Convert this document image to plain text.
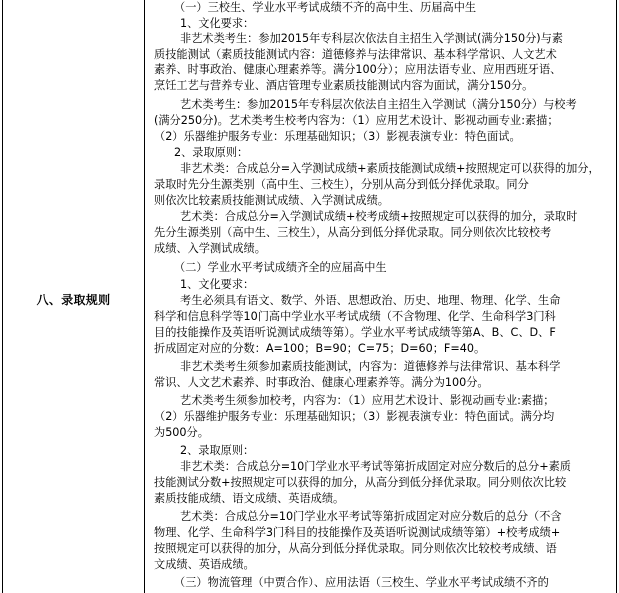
八、录取规则
（一）三校生、学业水平考试成绩不齐的高中生、历届高中生
1、文化要求：
非艺术类考生：参加2015年专科层次依法自主招生入学测试(满分150分)与素
质技能测试（素质技能测试内容：道德修养与法律常识、基本科学常识、人文艺术
素养、时事政治、健康心理素养等。满分100分）；应用法语专业、应用西班牙语、
烹饪工艺与营养专业、酒店管理专业素质技能测试内容为面试，满分150分。
艺术类考生：参加2015年专科层次依法自主招生入学测试（满分150分）与校考
(满分250分)。艺术类考生校考内容为：（1）应用艺术设计、影视动画专业:素描；
（2）乐器维护服务专业：乐理基础知识；（3）影视表演专业：特色面试。
2、录取原则：
非艺术类：合成总分=入学测试成绩+素质技能测试成绩+按照规定可以获得的加分，
录取时先分生源类别（高中生、三校生），分别从高分到低分择优录取。同分
则依次比较素质技能测试成绩、入学测试成绩。
艺术类：合成总分=入学测试成绩+校考成绩+按照规定可以获得的加分，录取时
先分生源类别（高中生、三校生），从高分到低分择优录取。同分则依次比较校考
成绩、入学测试成绩。
（二）学业水平考试成绩齐全的应届高中生
1、文化要求：
考生必须具有语文、数学、外语、思想政治、历史、地理、物理、化学、生命
科学和信息科学等10门高中学业水平考试成绩（不含物理、化学、生命科学3门科
目的技能操作及英语听说测试成绩等第）。学业水平考试成绩等第A、B、C、D、F
折成固定对应的分数：A=100；B=90；C=75；D=60；F=40。
非艺术类考生须参加素质技能测试，内容为：道德修养与法律常识、基本科学
常识、人文艺术素养、时事政治、健康心理素养等。满分为100分。
艺术类考生须参加校考，内容为：（1）应用艺术设计、影视动画专业:素描；
（2）乐器维护服务专业：乐理基础知识；（3）影视表演专业：特色面试。满分均
为500分。
2、录取原则：
非艺术类：合成总分=10门学业水平考试等第折成固定对应分数后的总分+素质
技能测试分数+按照规定可以获得的加分，从高分到低分择优录取。同分则依次比较
素质技能成绩、语文成绩、英语成绩。
艺术类：合成总分=10门学业水平考试等第折成固定对应分数后的总分（不含
物理、化学、生命科学3门科目的技能操作及英语听说测试成绩等第）+校考成绩+
按照规定可以获得的加分，从高分到低分择优录取。同分则依次比较校考成绩、语
文成绩、英语成绩。
（三）物流管理（中贾合作）、应用法语（三校生、学业水平考试成绩不齐的
